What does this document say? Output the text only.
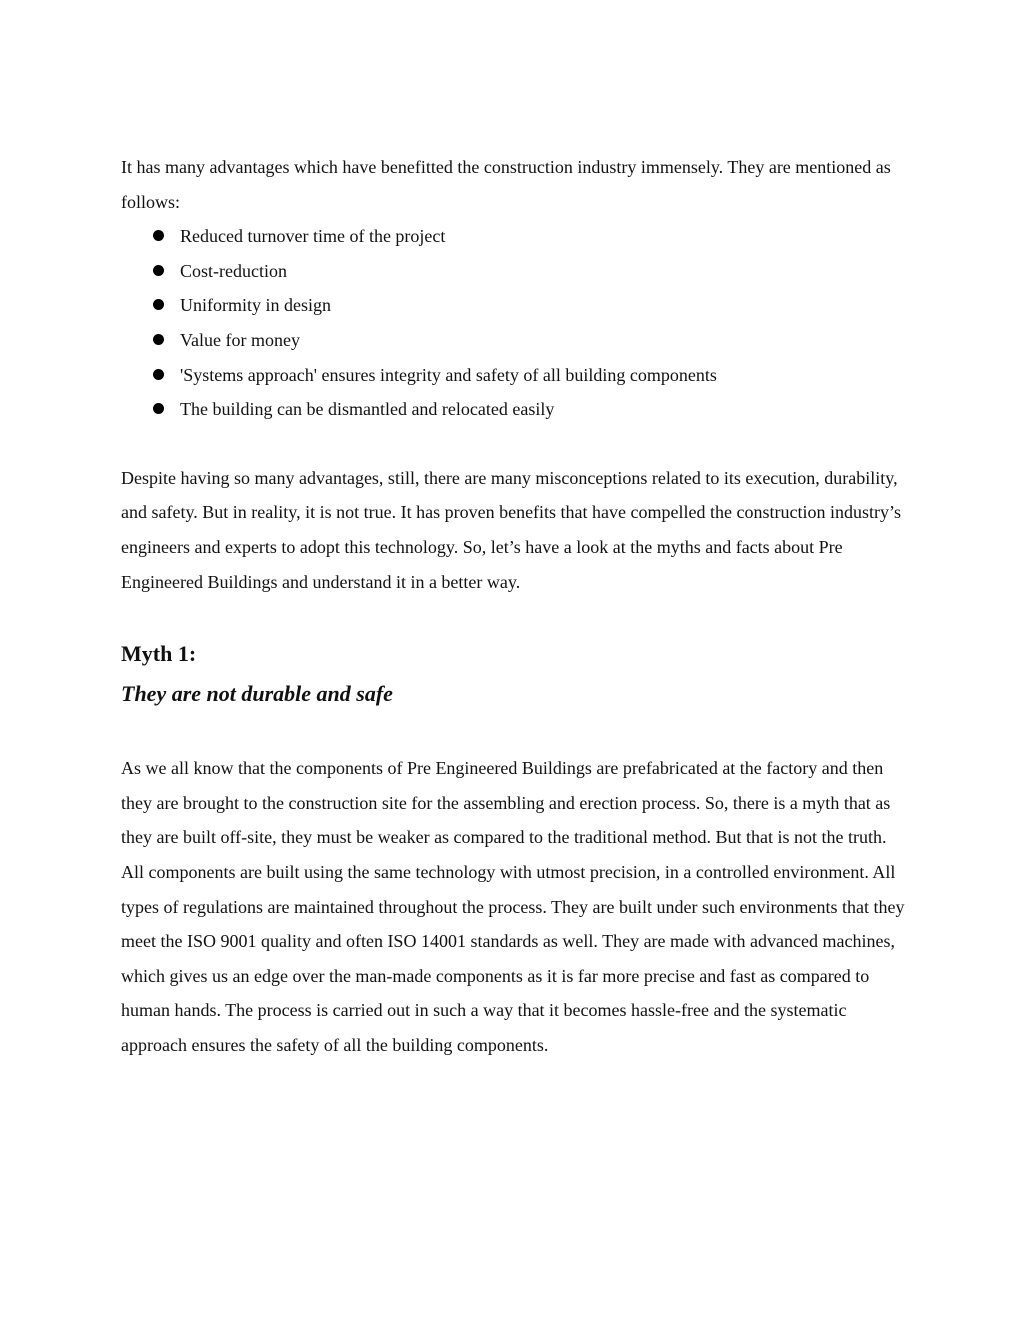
It has many advantages which have benefitted the construction industry immensely. They are mentioned as follows:

Reduced turnover time of the project
Cost-reduction
Uniformity in design
Value for money
'Systems approach' ensures integrity and safety of all building components
The building can be dismantled and relocated easily

Despite having so many advantages, still, there are many misconceptions related to its execution, durability, and safety. But in reality, it is not true. It has proven benefits that have compelled the construction industry’s engineers and experts to adopt this technology. So, let’s have a look at the myths and facts about Pre Engineered Buildings and understand it in a better way.

Myth 1:
They are not durable and safe

As we all know that the components of Pre Engineered Buildings are prefabricated at the factory and then they are brought to the construction site for the assembling and erection process. So, there is a myth that as they are built off-site, they must be weaker as compared to the traditional method. But that is not the truth. All components are built using the same technology with utmost precision, in a controlled environment. All types of regulations are maintained throughout the process. They are built under such environments that they meet the ISO 9001 quality and often ISO 14001 standards as well. They are made with advanced machines, which gives us an edge over the man-made components as it is far more precise and fast as compared to human hands. The process is carried out in such a way that it becomes hassle-free and the systematic approach ensures the safety of all the building components.
